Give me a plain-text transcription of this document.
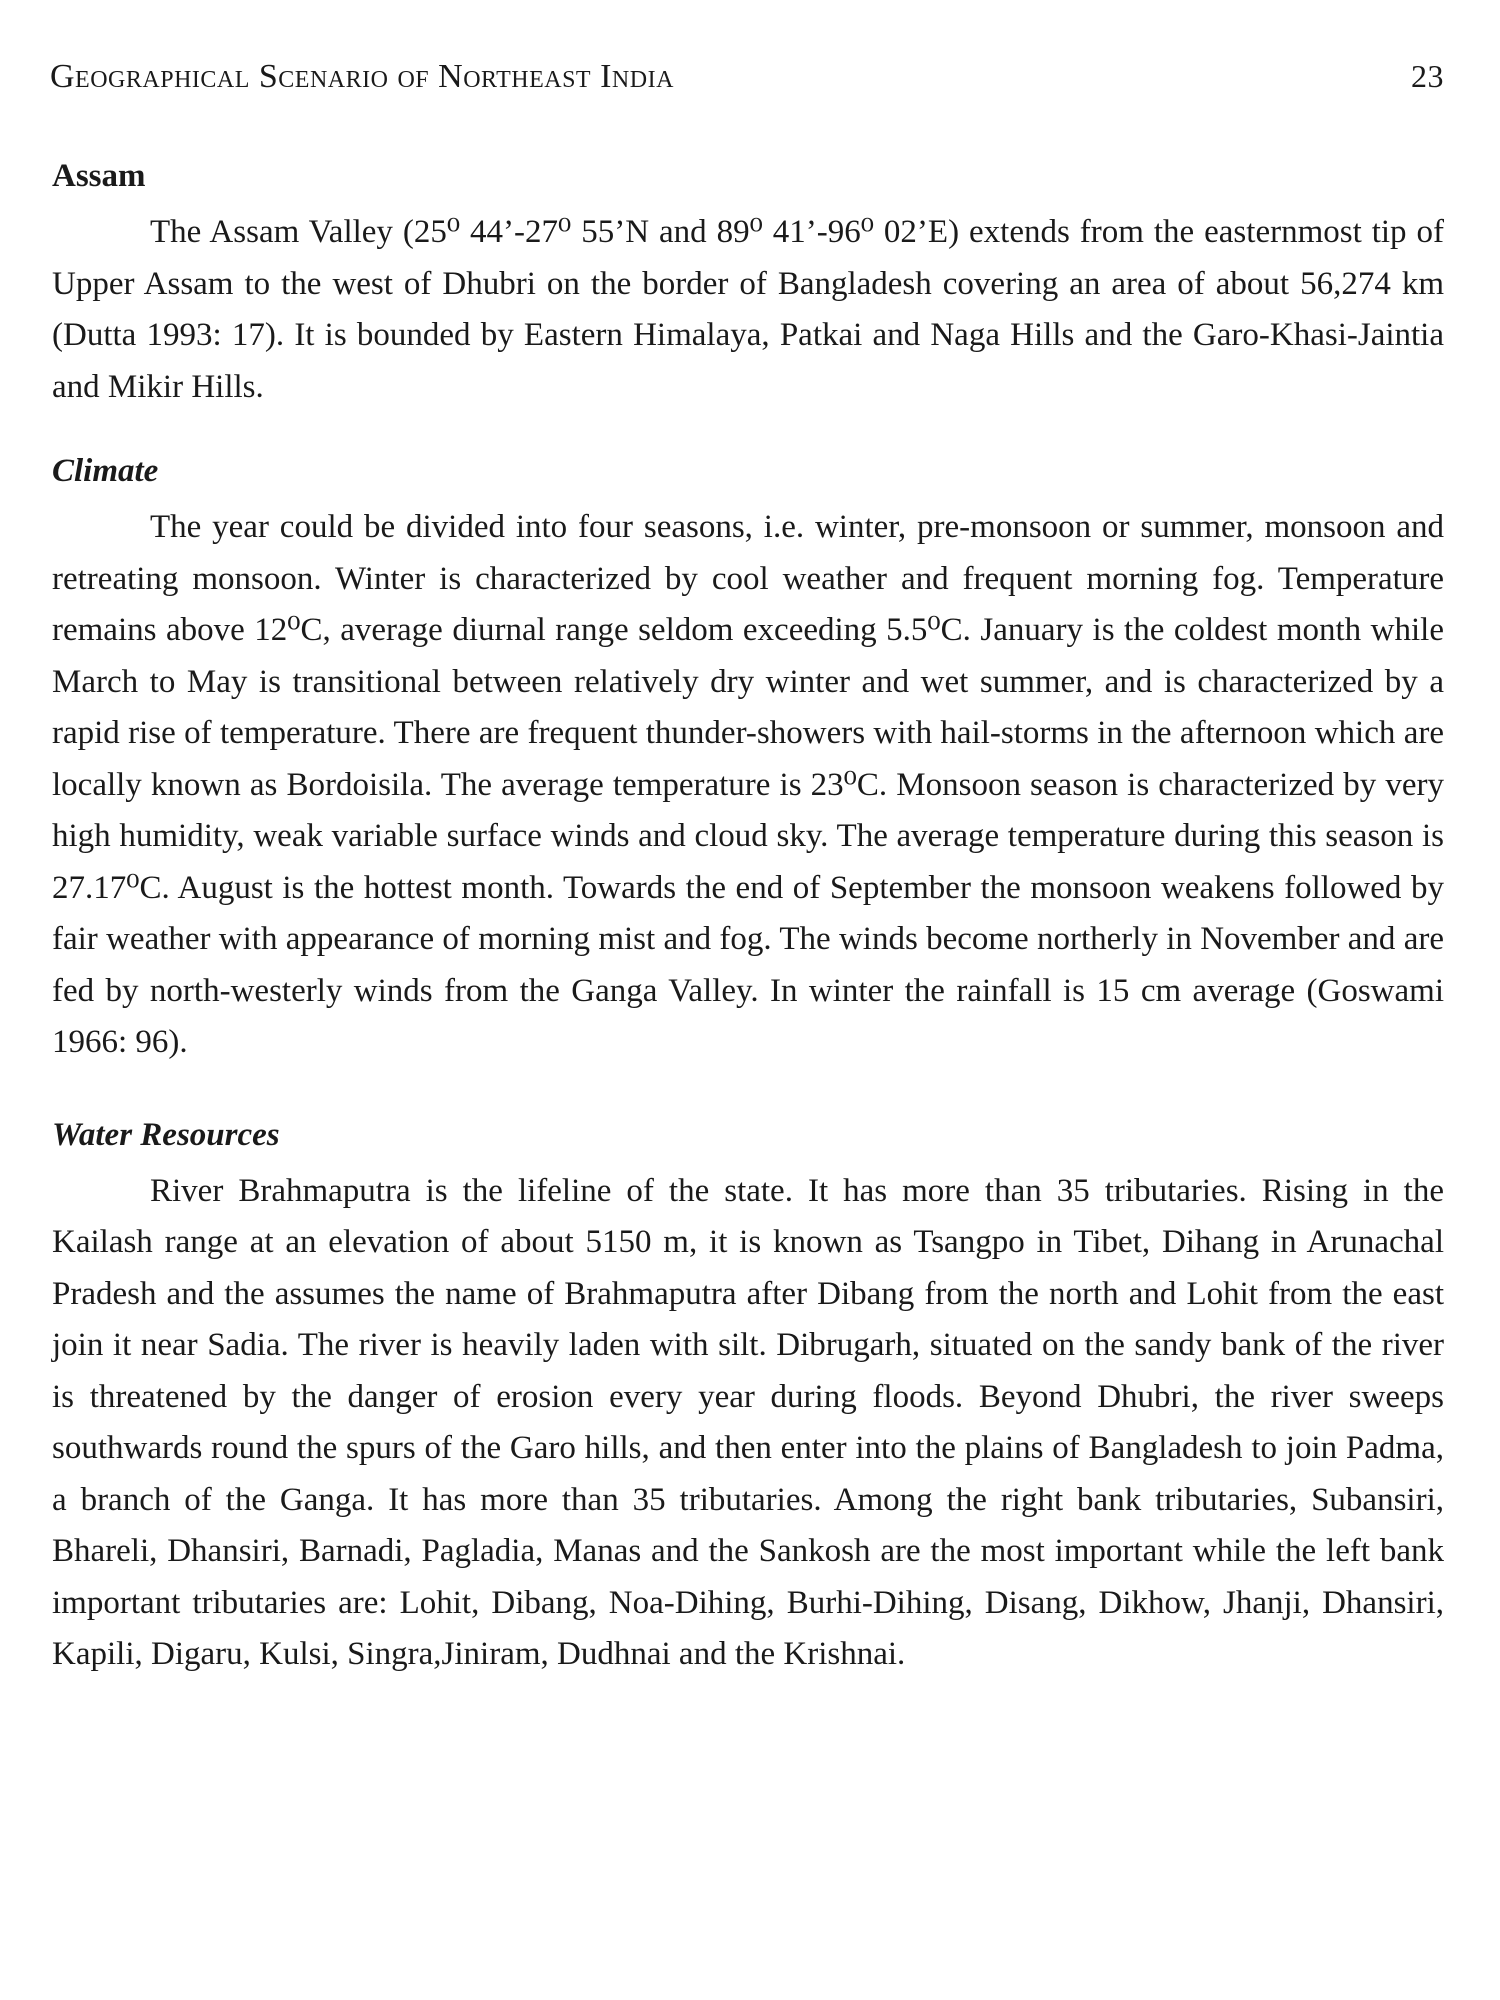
Geographical Scenario of Northeast India	23
Assam

The Assam Valley (25⁰ 44’-27⁰ 55’N and 89⁰ 41’-96⁰ 02’E) extends from the easternmost tip of Upper Assam to the west of Dhubri on the border of Bangladesh covering an area of about 56,274 km (Dutta 1993: 17). It is bounded by Eastern Himalaya, Patkai and Naga Hills and the Garo-Khasi-Jaintia and Mikir Hills.

Climate

The year could be divided into four seasons, i.e. winter, pre-monsoon or summer, monsoon and retreating monsoon. Winter is characterized by cool weather and frequent morning fog. Temperature remains above 12⁰C, average diurnal range seldom exceeding 5.5⁰C. January is the coldest month while March to May is transitional between relatively dry winter and wet summer, and is characterized by a rapid rise of temperature. There are frequent thunder-showers with hail-storms in the afternoon which are locally known as Bordoisila. The average temperature is 23⁰C. Monsoon season is characterized by very high humidity, weak variable surface winds and cloud sky. The average temperature during this season is 27.17⁰C. August is the hottest month. Towards the end of September the monsoon weakens followed by fair weather with appearance of morning mist and fog. The winds become northerly in November and are fed by north-westerly winds from the Ganga Valley. In winter the rainfall is 15 cm average (Goswami 1966: 96).

Water Resources

River Brahmaputra is the lifeline of the state. It has more than 35 tributaries. Rising in the Kailash range at an elevation of about 5150 m, it is known as Tsangpo in Tibet, Dihang in Arunachal Pradesh and the assumes the name of Brahmaputra after Dibang from the north and Lohit from the east join it near Sadia. The river is heavily laden with silt. Dibrugarh, situated on the sandy bank of the river is threatened by the danger of erosion every year during floods. Beyond Dhubri, the river sweeps southwards round the spurs of the Garo hills, and then enter into the plains of Bangladesh to join Padma, a branch of the Ganga. It has more than 35 tributaries. Among the right bank tributaries, Subansiri, Bhareli, Dhansiri, Barnadi, Pagladia, Manas and the Sankosh are the most important while the left bank important tributaries are: Lohit, Dibang, Noa-Dihing, Burhi-Dihing, Disang, Dikhow, Jhanji, Dhansiri, Kapili, Digaru, Kulsi, Singra,Jiniram, Dudhnai and the Krishnai.
